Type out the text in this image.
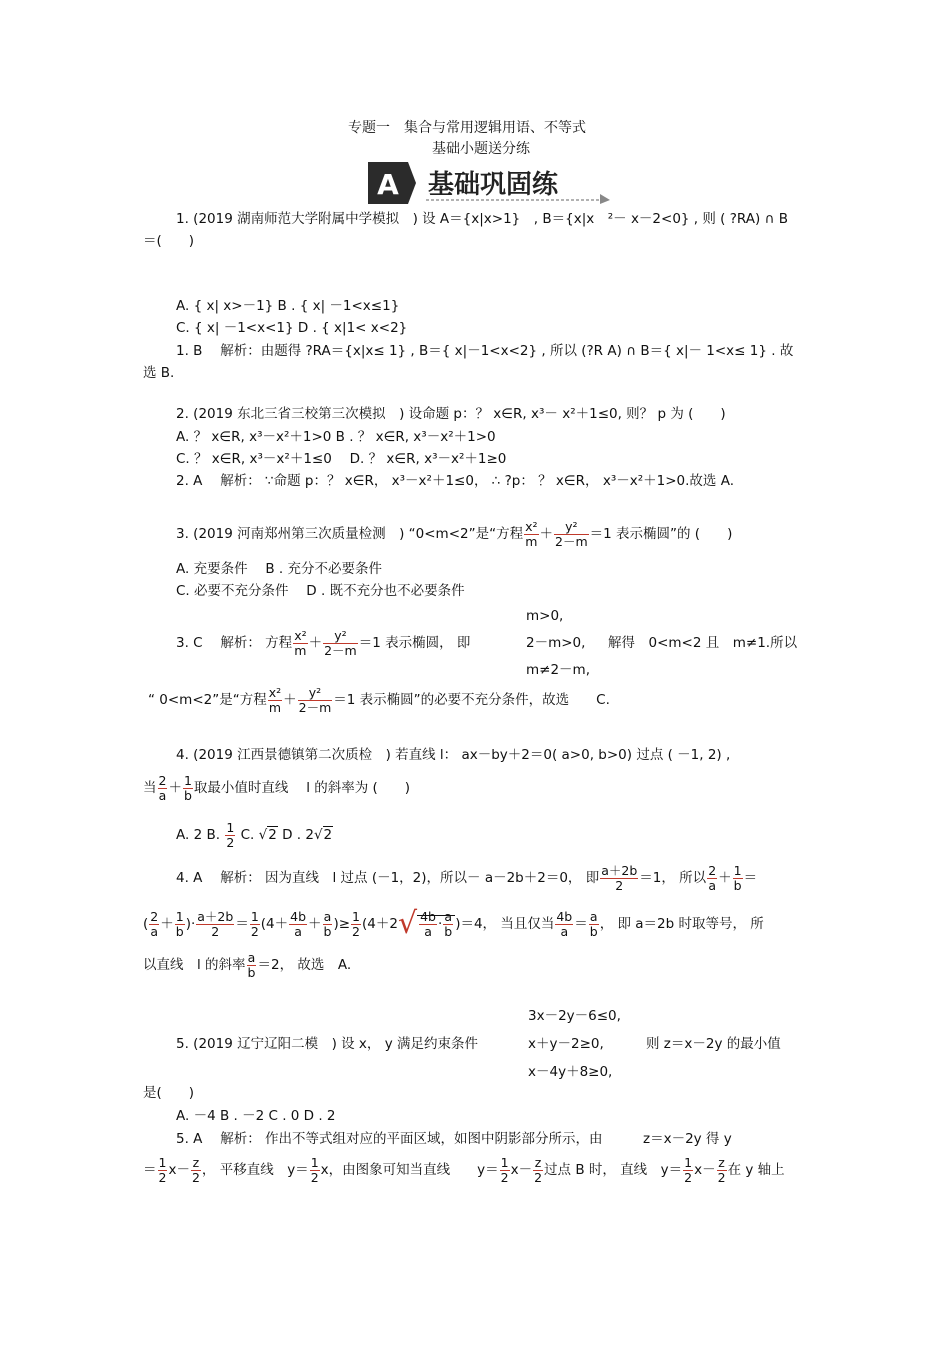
专题一　集合与常用逻辑用语、不等式
基础小题送分练
A 基础巩固练
1. (2019 湖南师范大学附属中学模拟　) 设 A＝{x|x>1}　, B＝{x|x　²－ x－2<0} , 则 ( ?RA) ∩ B
＝(　　)
A. { x| x>－1} B . { x| －1<x≤1}
C. { x| －1<x<1} D . { x|1< x<2}
1. B　 解析：由题得 ?RA＝{x|x≤ 1} , B＝{ x|－1<x<2} , 所以 (?R A) ∩ B＝{ x|－ 1<x≤ 1} . 故
选 B.
2. (2019 东北三省三校第三次模拟　) 设命题 p：？ x∈R, x³－ x²＋1≤0, 则？ p 为 (　　)
A. ？ x∈R, x³－x²＋1>0 B . ？ x∈R, x³－x²＋1>0
C. ？ x∈R, x³－x²＋1≤0　 D. ？ x∈R, x³－x²＋1≥0
2. A　 解析： ∵命题 p：？ x∈R， x³－x²＋1≤0， ∴ ?p： ？ x∈R， x³－x²＋1>0.故选 A.
3. (2019 河南郑州第三次质量检测　) “0<m<2”是“方程 $\frac{\text{x²}}{m} + \frac{\text{y²}}{2-m} =1$ 表示椭圆”的 (　　)
A. 充要条件　 B . 充分不必要条件
C. 必要不充分条件　 D . 既不充分也不必要条件
m>0,
2－m>0,
m≠2－m,
3. C　 解析： 方程 $\frac{\text{x²}}{m} + \frac{\text{y²}}{2-m} =1$ 表示椭圆， 即	解得　0<m<2 且　m≠1.所以
“ 0<m<2”是“方程 $\frac{\text{x²}}{m} + \frac{\text{y²}}{2-m} =1$ 表示椭圆”的必要不充分条件，故选　　C.
4. (2019 江西景德镇第二次质检　) 若直线 l： ax－by＋2＝0( a>0, b>0) 过点 ( －1, 2) ,
当 $\frac{2}{a} + \frac{1}{b}$ 取最小值时直线　 l 的斜率为 (　　)
A. 2 B. $\frac{1}{2} C$. √2 D . 2√2
4. A　 解析： 因为直线　l 过点 (－1，2)，所以－ a－2b＋2＝0， 即 $\frac{a+2b}{2} =1$， 所以 $\frac{2}{a} + \frac{1}{b}$ ＝
( $\frac{2}{a} + \frac{1}{b}$ )· $\frac{a+2b}{2} = \frac{1}{2} (4+ \frac{4b}{a} + \frac{a}{b}$ )≥ $\frac{1}{2} (4+2√ \frac{4b}{a} \cdot \frac{a}{b} )=4$， 当且仅当 $\frac{4b}{a} = \frac{a}{b}$ ， 即 a＝2b 时取等号， 所
以直线　l 的斜率 $\frac{a}{b} =2$， 故选　A.
3x－2y－6≤0,
x＋y－2≥0,
x－4y＋8≥0,
5. (2019 辽宁辽阳二模　) 设 x， y 满足约束条件	则 z＝x－2y 的最小值
是(　　)
A. －4 B . －2 C . 0 D . 2
5. A　 解析： 作出不等式组对应的平面区域，如图中阴影部分所示，由　　　z＝x－2y 得 y
＝ $\frac{1}{2} x- \frac{z}{2}$ ， 平移直线　$y= \frac{1}{2}$ x，由图象可知当直线　　$y= \frac{1}{2} x- \frac{z}{2}$ 过点 B 时， 直线　$y= \frac{1}{2} x- \frac{z}{2}$ 在 y 轴上
